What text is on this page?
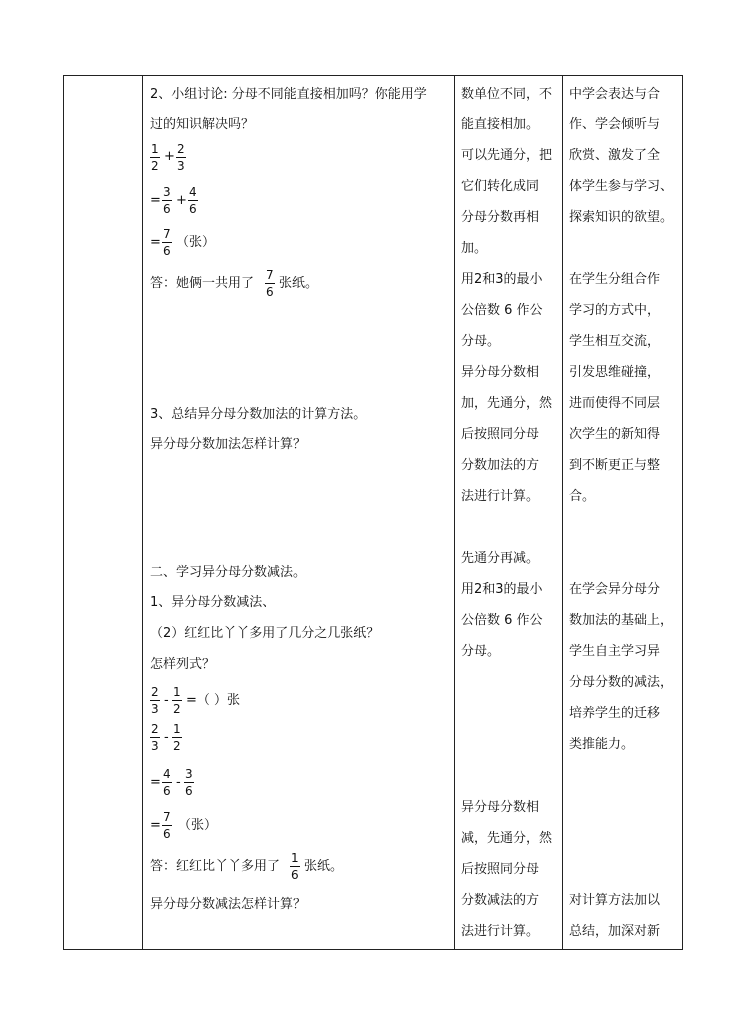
2、小组讨论: 分母不同能直接相加吗？你能用学
过的知识解决吗？
1
2
+ 2
3
=
3
6
+
4
6
=
7
6
（张）
答：她俩一共用了
7
6
张纸。
3、总结异分母分数加法的计算方法。
异分母分数加法怎样计算？
二、学习异分母分数减法。
1、异分母分数减法、
（2）红红比丫丫多用了几分之几张纸？
怎样列式？
2
3
-
1
2
=（ ）张
2
3
-
1
2
=
4
6
-
3
6
=
7
6
（张）
答：红红比丫丫多用了
1
6
张纸。
异分母分数减法怎样计算？
数单位不同，不
能直接相加。
可以先通分，把
它们转化成同
分母分数再相
加。
用2和3的最小
公倍数 6 作公
分母。
异分母分数相
加，先通分，然
后按照同分母
分数加法的方
法进行计算。
先通分再减。
用2和3的最小
公倍数 6 作公
分母。
异分母分数相
减，先通分，然
后按照同分母
分数减法的方
法进行计算。
中学会表达与合
作、学会倾听与
欣赏、激发了全
体学生参与学习、
探索知识的欲望。
在学生分组合作
学习的方式中，
学生相互交流，
引发思维碰撞，
进而使得不同层
次学生的新知得
到不断更正与整
合。
在学会异分母分
数加法的基础上，
学生自主学习异
分母分数的减法，
培养学生的迁移
类推能力。
对计算方法加以
总结，加深对新
